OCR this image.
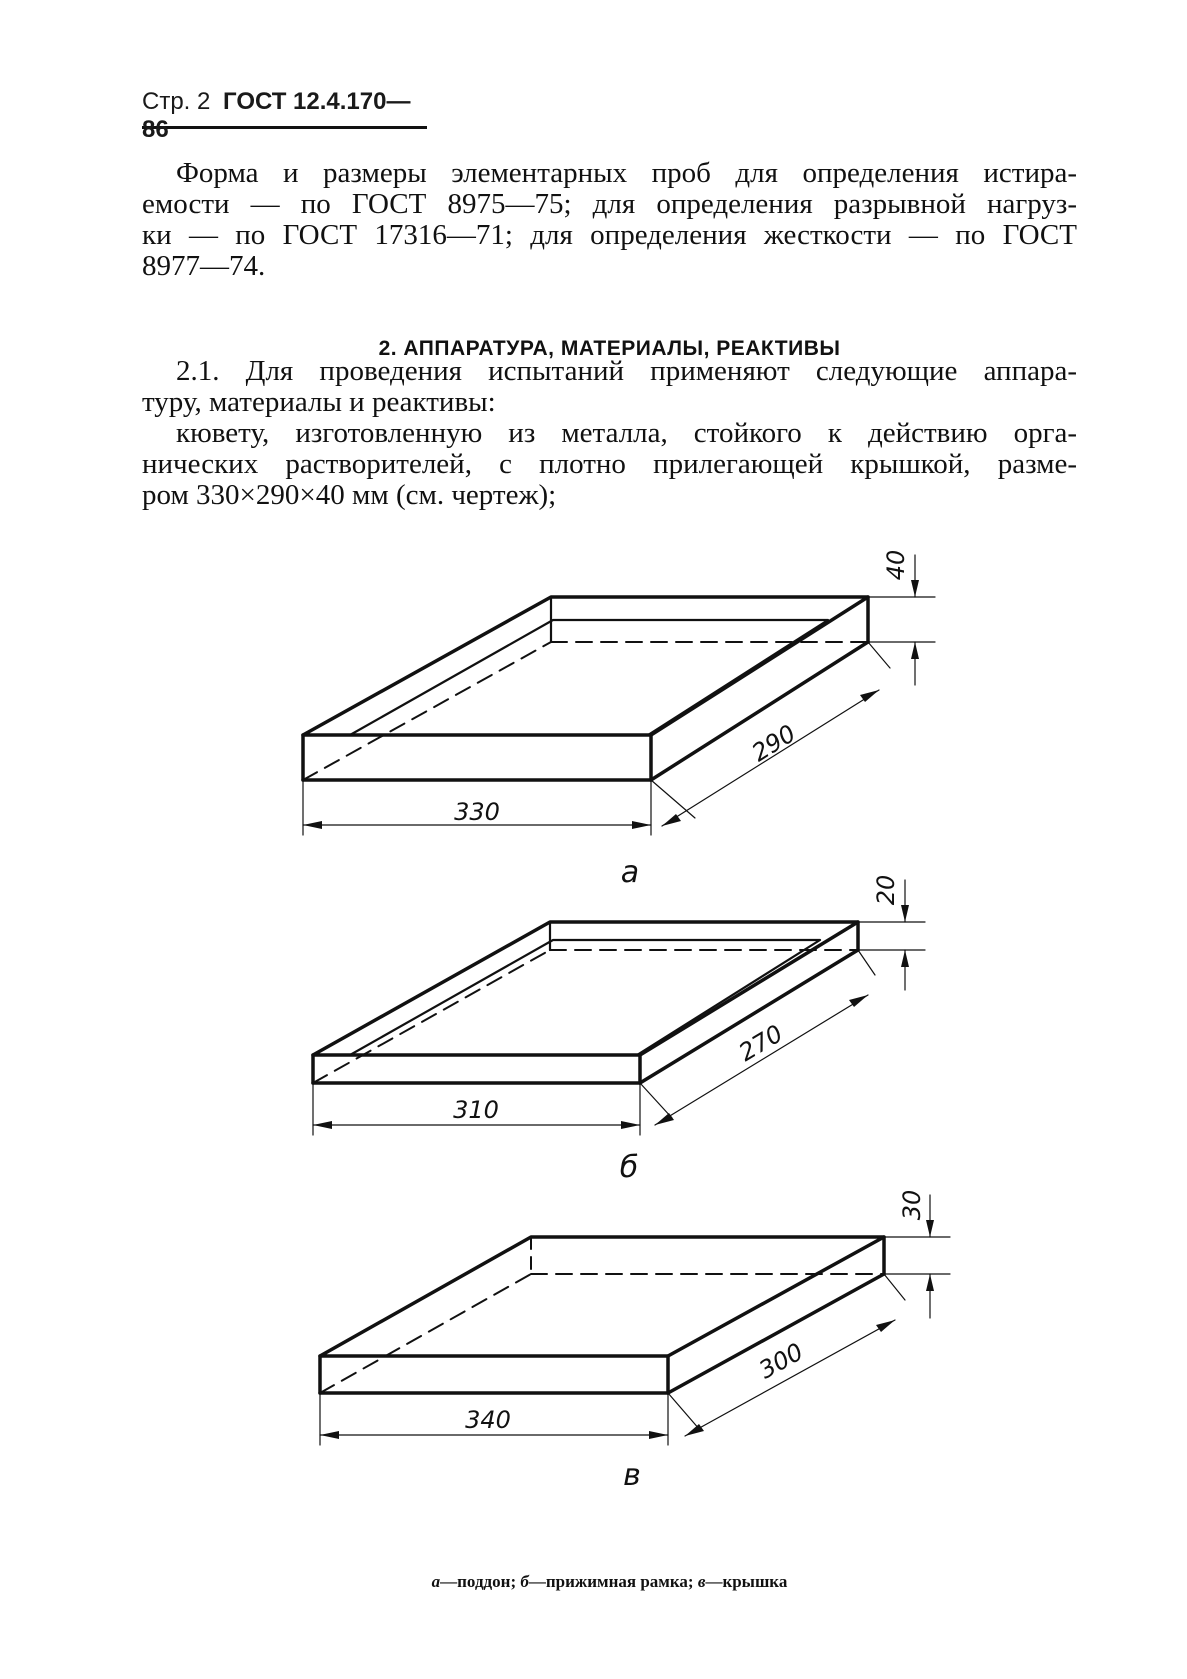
Стр. 2 ГОСТ 12.4.170—86
Форма и размеры элементарных проб для определения истира-
емости — по ГОСТ 8975—75; для определения разрывной нагруз-
ки — по ГОСТ 17316—71; для определения жесткости — по ГОСТ
8977—74.
2. АППАРАТУРА, МАТЕРИАЛЫ, РЕАКТИВЫ
2.1. Для проведения испытаний применяют следующие аппара-
туру, материалы и реактивы:
кювету, изготовленную из металла, стойкого к действию орга-
нических растворителей, с плотно прилегающей крышкой, разме-
ром 330×290×40 мм (см. чертеж);
330
290
40
а
310
270
20
б
340
300
30
в
а—поддон; б—прижимная рамка; в—крышка
